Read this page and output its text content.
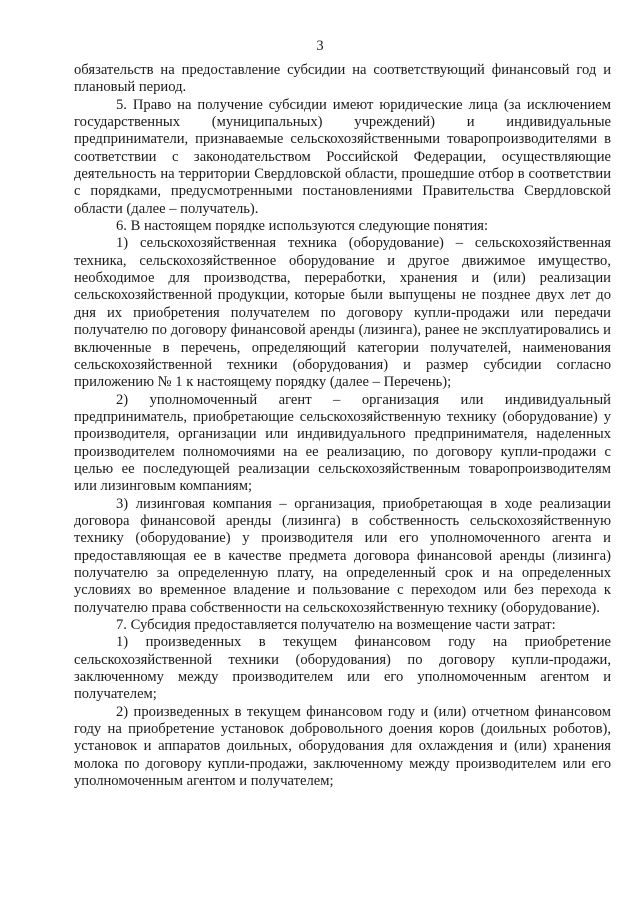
3

обязательств на предоставление субсидии на соответствующий финансовый год и плановый период.

5. Право на получение субсидии имеют юридические лица (за исключением государственных (муниципальных) учреждений) и индивидуальные предприниматели, признаваемые сельскохозяйственными товаропроизводителями в соответствии с законодательством Российской Федерации, осуществляющие деятельность на территории Свердловской области, прошедшие отбор в соответствии с порядками, предусмотренными постановлениями Правительства Свердловской области (далее – получатель).

6. В настоящем порядке используются следующие понятия:

1) сельскохозяйственная техника (оборудование) – сельскохозяйственная техника, сельскохозяйственное оборудование и другое движимое имущество, необходимое для производства, переработки, хранения и (или) реализации сельскохозяйственной продукции, которые были выпущены не позднее двух лет до дня их приобретения получателем по договору купли-продажи или передачи получателю по договору финансовой аренды (лизинга), ранее не эксплуатировались и включенные в перечень, определяющий категории получателей, наименования сельскохозяйственной техники (оборудования) и размер субсидии согласно приложению № 1 к настоящему порядку (далее – Перечень);

2) уполномоченный агент – организация или индивидуальный предприниматель, приобретающие сельскохозяйственную технику (оборудование) у производителя, организации или индивидуального предпринимателя, наделенных производителем полномочиями на ее реализацию, по договору купли-продажи с целью ее последующей реализации сельскохозяйственным товаропроизводителям или лизинговым компаниям;

3) лизинговая компания – организация, приобретающая в ходе реализации договора финансовой аренды (лизинга) в собственность сельскохозяйственную технику (оборудование) у производителя или его уполномоченного агента и предоставляющая ее в качестве предмета договора финансовой аренды (лизинга) получателю за определенную плату, на определенный срок и на определенных условиях во временное владение и пользование с переходом или без перехода к получателю права собственности на сельскохозяйственную технику (оборудование).

7. Субсидия предоставляется получателю на возмещение части затрат:

1) произведенных в текущем финансовом году на приобретение сельскохозяйственной техники (оборудования) по договору купли-продажи, заключенному между производителем или его уполномоченным агентом и получателем;

2) произведенных в текущем финансовом году и (или) отчетном финансовом году на приобретение установок добровольного доения коров (доильных роботов), установок и аппаратов доильных, оборудования для охлаждения и (или) хранения молока по договору купли-продажи, заключенному между производителем или его уполномоченным агентом и получателем;
